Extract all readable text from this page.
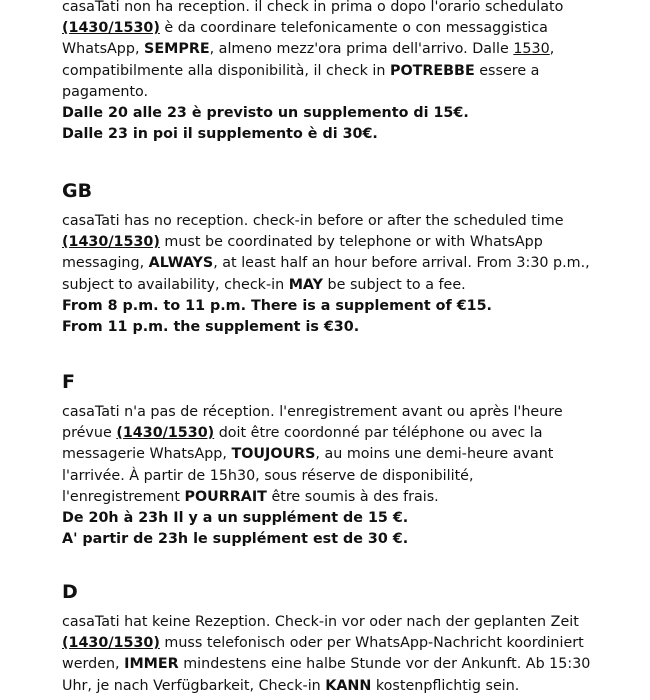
casaTati non ha reception. il check in prima o dopo l'orario schedulato
(1430/1530) è da coordinare telefonicamente o con messaggistica
WhatsApp, SEMPRE, almeno mezz'ora prima dell'arrivo. Dalle 1530,
compatibilmente alla disponibilità, il check in POTREBBE essere a
pagamento.
Dalle 20 alle 23 è previsto un supplemento di 15€.
Dalle 23 in poi il supplemento è di 30€.

GB

casaTati has no reception. check-in before or after the scheduled time
(1430/1530) must be coordinated by telephone or with WhatsApp
messaging, ALWAYS, at least half an hour before arrival. From 3:30 p.m.,
subject to availability, check-in MAY be subject to a fee.
From 8 p.m. to 11 p.m. There is a supplement of €15.
From 11 p.m. the supplement is €30.

F

casaTati n'a pas de réception. l'enregistrement avant ou après l'heure
prévue (1430/1530) doit être coordonné par téléphone ou avec la
messagerie WhatsApp, TOUJOURS, au moins une demi-heure avant
l'arrivée. À partir de 15h30, sous réserve de disponibilité,
l'enregistrement POURRAIT être soumis à des frais.
De 20h à 23h Il y a un supplément de 15 €.
A' partir de 23h le supplément est de 30 €.

D

casaTati hat keine Rezeption. Check-in vor oder nach der geplanten Zeit
(1430/1530) muss telefonisch oder per WhatsApp-Nachricht koordiniert
werden, IMMER mindestens eine halbe Stunde vor der Ankunft. Ab 15:30
Uhr, je nach Verfügbarkeit, Check-in KANN kostenpflichtig sein.
